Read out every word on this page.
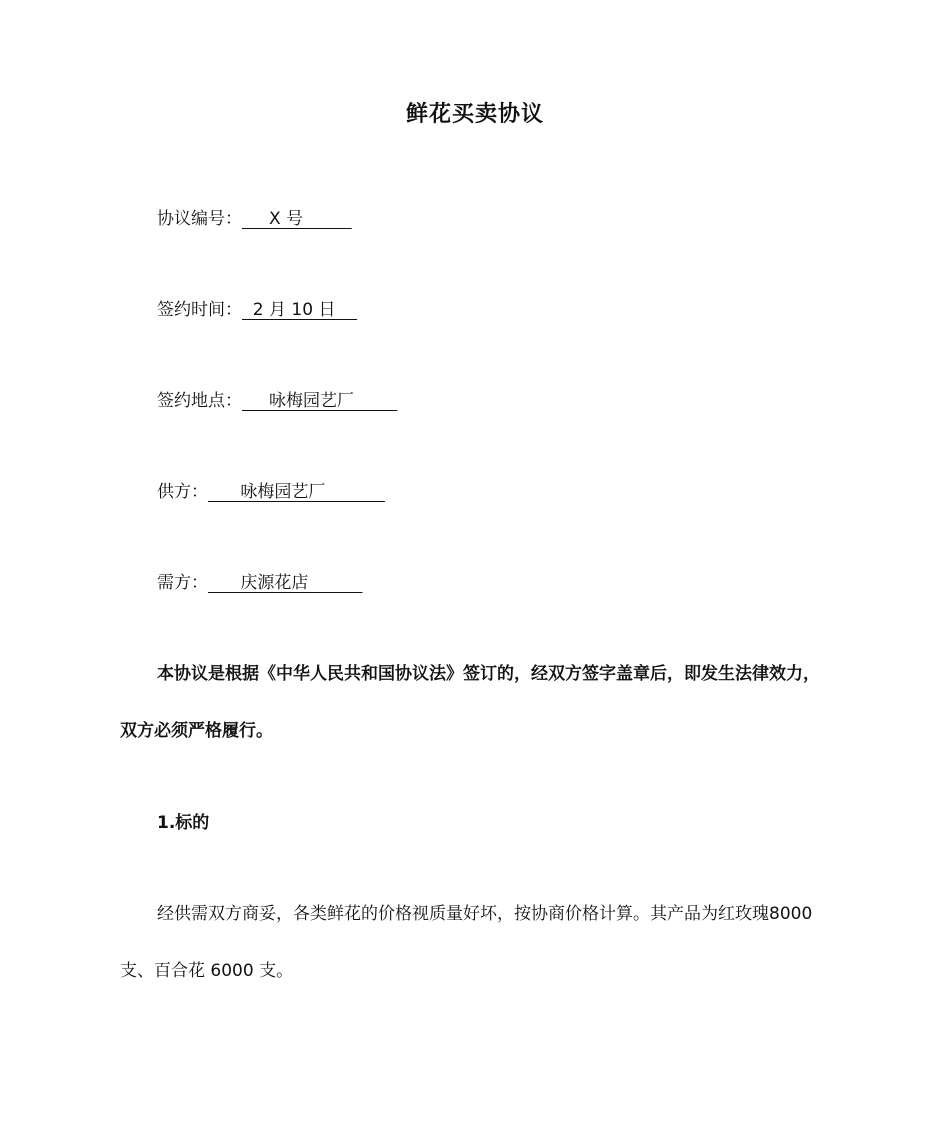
鲜花买卖协议
协议编号：     X 号
签约时间：  2 月 10 日
签约地点：     咏梅园艺厂
供方：      咏梅园艺厂
需方：      庆源花店
本协议是根据《中华人民共和国协议法》签订的，经双方签字盖章后，即发生法律效力，双方必须严格履行。
1.标的
经供需双方商妥，各类鲜花的价格视质量好坏，按协商价格计算。其产品为红玫瑰8000 支、百合花 6000 支。
